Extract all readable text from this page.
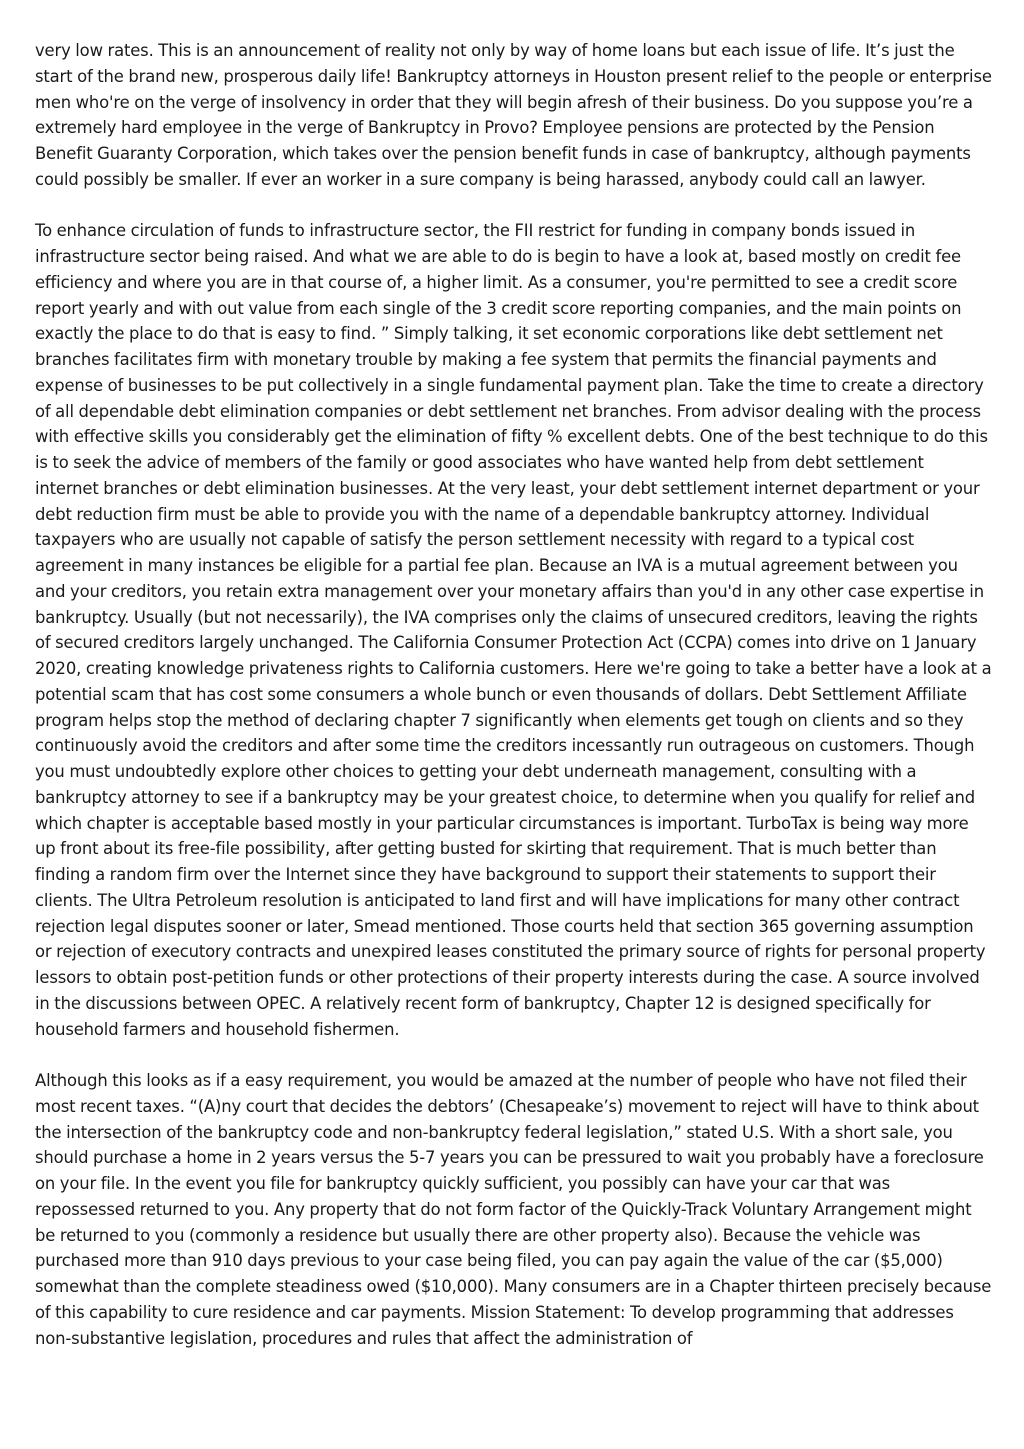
very low rates. This is an announcement of reality not only by way of home loans but each issue of life. It’s just the start of the brand new, prosperous daily life! Bankruptcy attorneys in Houston present relief to the people or enterprise men who're on the verge of insolvency in order that they will begin afresh of their business. Do you suppose you’re a extremely hard employee in the verge of Bankruptcy in Provo? Employee pensions are protected by the Pension Benefit Guaranty Corporation, which takes over the pension benefit funds in case of bankruptcy, although payments could possibly be smaller. If ever an worker in a sure company is being harassed, anybody could call an lawyer.

To enhance circulation of funds to infrastructure sector, the FII restrict for funding in company bonds issued in infrastructure sector being raised. And what we are able to do is begin to have a look at, based mostly on credit fee efficiency and where you are in that course of, a higher limit. As a consumer, you're permitted to see a credit score report yearly and with out value from each single of the 3 credit score reporting companies, and the main points on exactly the place to do that is easy to find. ” Simply talking, it set economic corporations like debt settlement net branches facilitates firm with monetary trouble by making a fee system that permits the financial payments and expense of businesses to be put collectively in a single fundamental payment plan. Take the time to create a directory of all dependable debt elimination companies or debt settlement net branches. From advisor dealing with the process with effective skills you considerably get the elimination of fifty % excellent debts. One of the best technique to do this is to seek the advice of members of the family or good associates who have wanted help from debt settlement internet branches or debt elimination businesses. At the very least, your debt settlement internet department or your debt reduction firm must be able to provide you with the name of a dependable bankruptcy attorney. Individual taxpayers who are usually not capable of satisfy the person settlement necessity with regard to a typical cost agreement in many instances be eligible for a partial fee plan. Because an IVA is a mutual agreement between you and your creditors, you retain extra management over your monetary affairs than you'd in any other case expertise in bankruptcy. Usually (but not necessarily), the IVA comprises only the claims of unsecured creditors, leaving the rights of secured creditors largely unchanged. The California Consumer Protection Act (CCPA) comes into drive on 1 January 2020, creating knowledge privateness rights to California customers. Here we're going to take a better have a look at a potential scam that has cost some consumers a whole bunch or even thousands of dollars. Debt Settlement Affiliate program helps stop the method of declaring chapter 7 significantly when elements get tough on clients and so they continuously avoid the creditors and after some time the creditors incessantly run outrageous on customers. Though you must undoubtedly explore other choices to getting your debt underneath management, consulting with a bankruptcy attorney to see if a bankruptcy may be your greatest choice, to determine when you qualify for relief and which chapter is acceptable based mostly in your particular circumstances is important. TurboTax is being way more up front about its free-file possibility, after getting busted for skirting that requirement. That is much better than finding a random firm over the Internet since they have background to support their statements to support their clients. The Ultra Petroleum resolution is anticipated to land first and will have implications for many other contract rejection legal disputes sooner or later, Smead mentioned. Those courts held that section 365 governing assumption or rejection of executory contracts and unexpired leases constituted the primary source of rights for personal property lessors to obtain post-petition funds or other protections of their property interests during the case. A source involved in the discussions between OPEC. A relatively recent form of bankruptcy, Chapter 12 is designed specifically for household farmers and household fishermen.

Although this looks as if a easy requirement, you would be amazed at the number of people who have not filed their most recent taxes. “(A)ny court that decides the debtors’ (Chesapeake’s) movement to reject will have to think about the intersection of the bankruptcy code and non-bankruptcy federal legislation,” stated U.S. With a short sale, you should purchase a home in 2 years versus the 5-7 years you can be pressured to wait you probably have a foreclosure on your file. In the event you file for bankruptcy quickly sufficient, you possibly can have your car that was repossessed returned to you. Any property that do not form factor of the Quickly-Track Voluntary Arrangement might be returned to you (commonly a residence but usually there are other property also). Because the vehicle was purchased more than 910 days previous to your case being filed, you can pay again the value of the car ($5,000) somewhat than the complete steadiness owed ($10,000). Many consumers are in a Chapter thirteen precisely because of this capability to cure residence and car payments. Mission Statement: To develop programming that addresses non-substantive legislation, procedures and rules that affect the administration of
